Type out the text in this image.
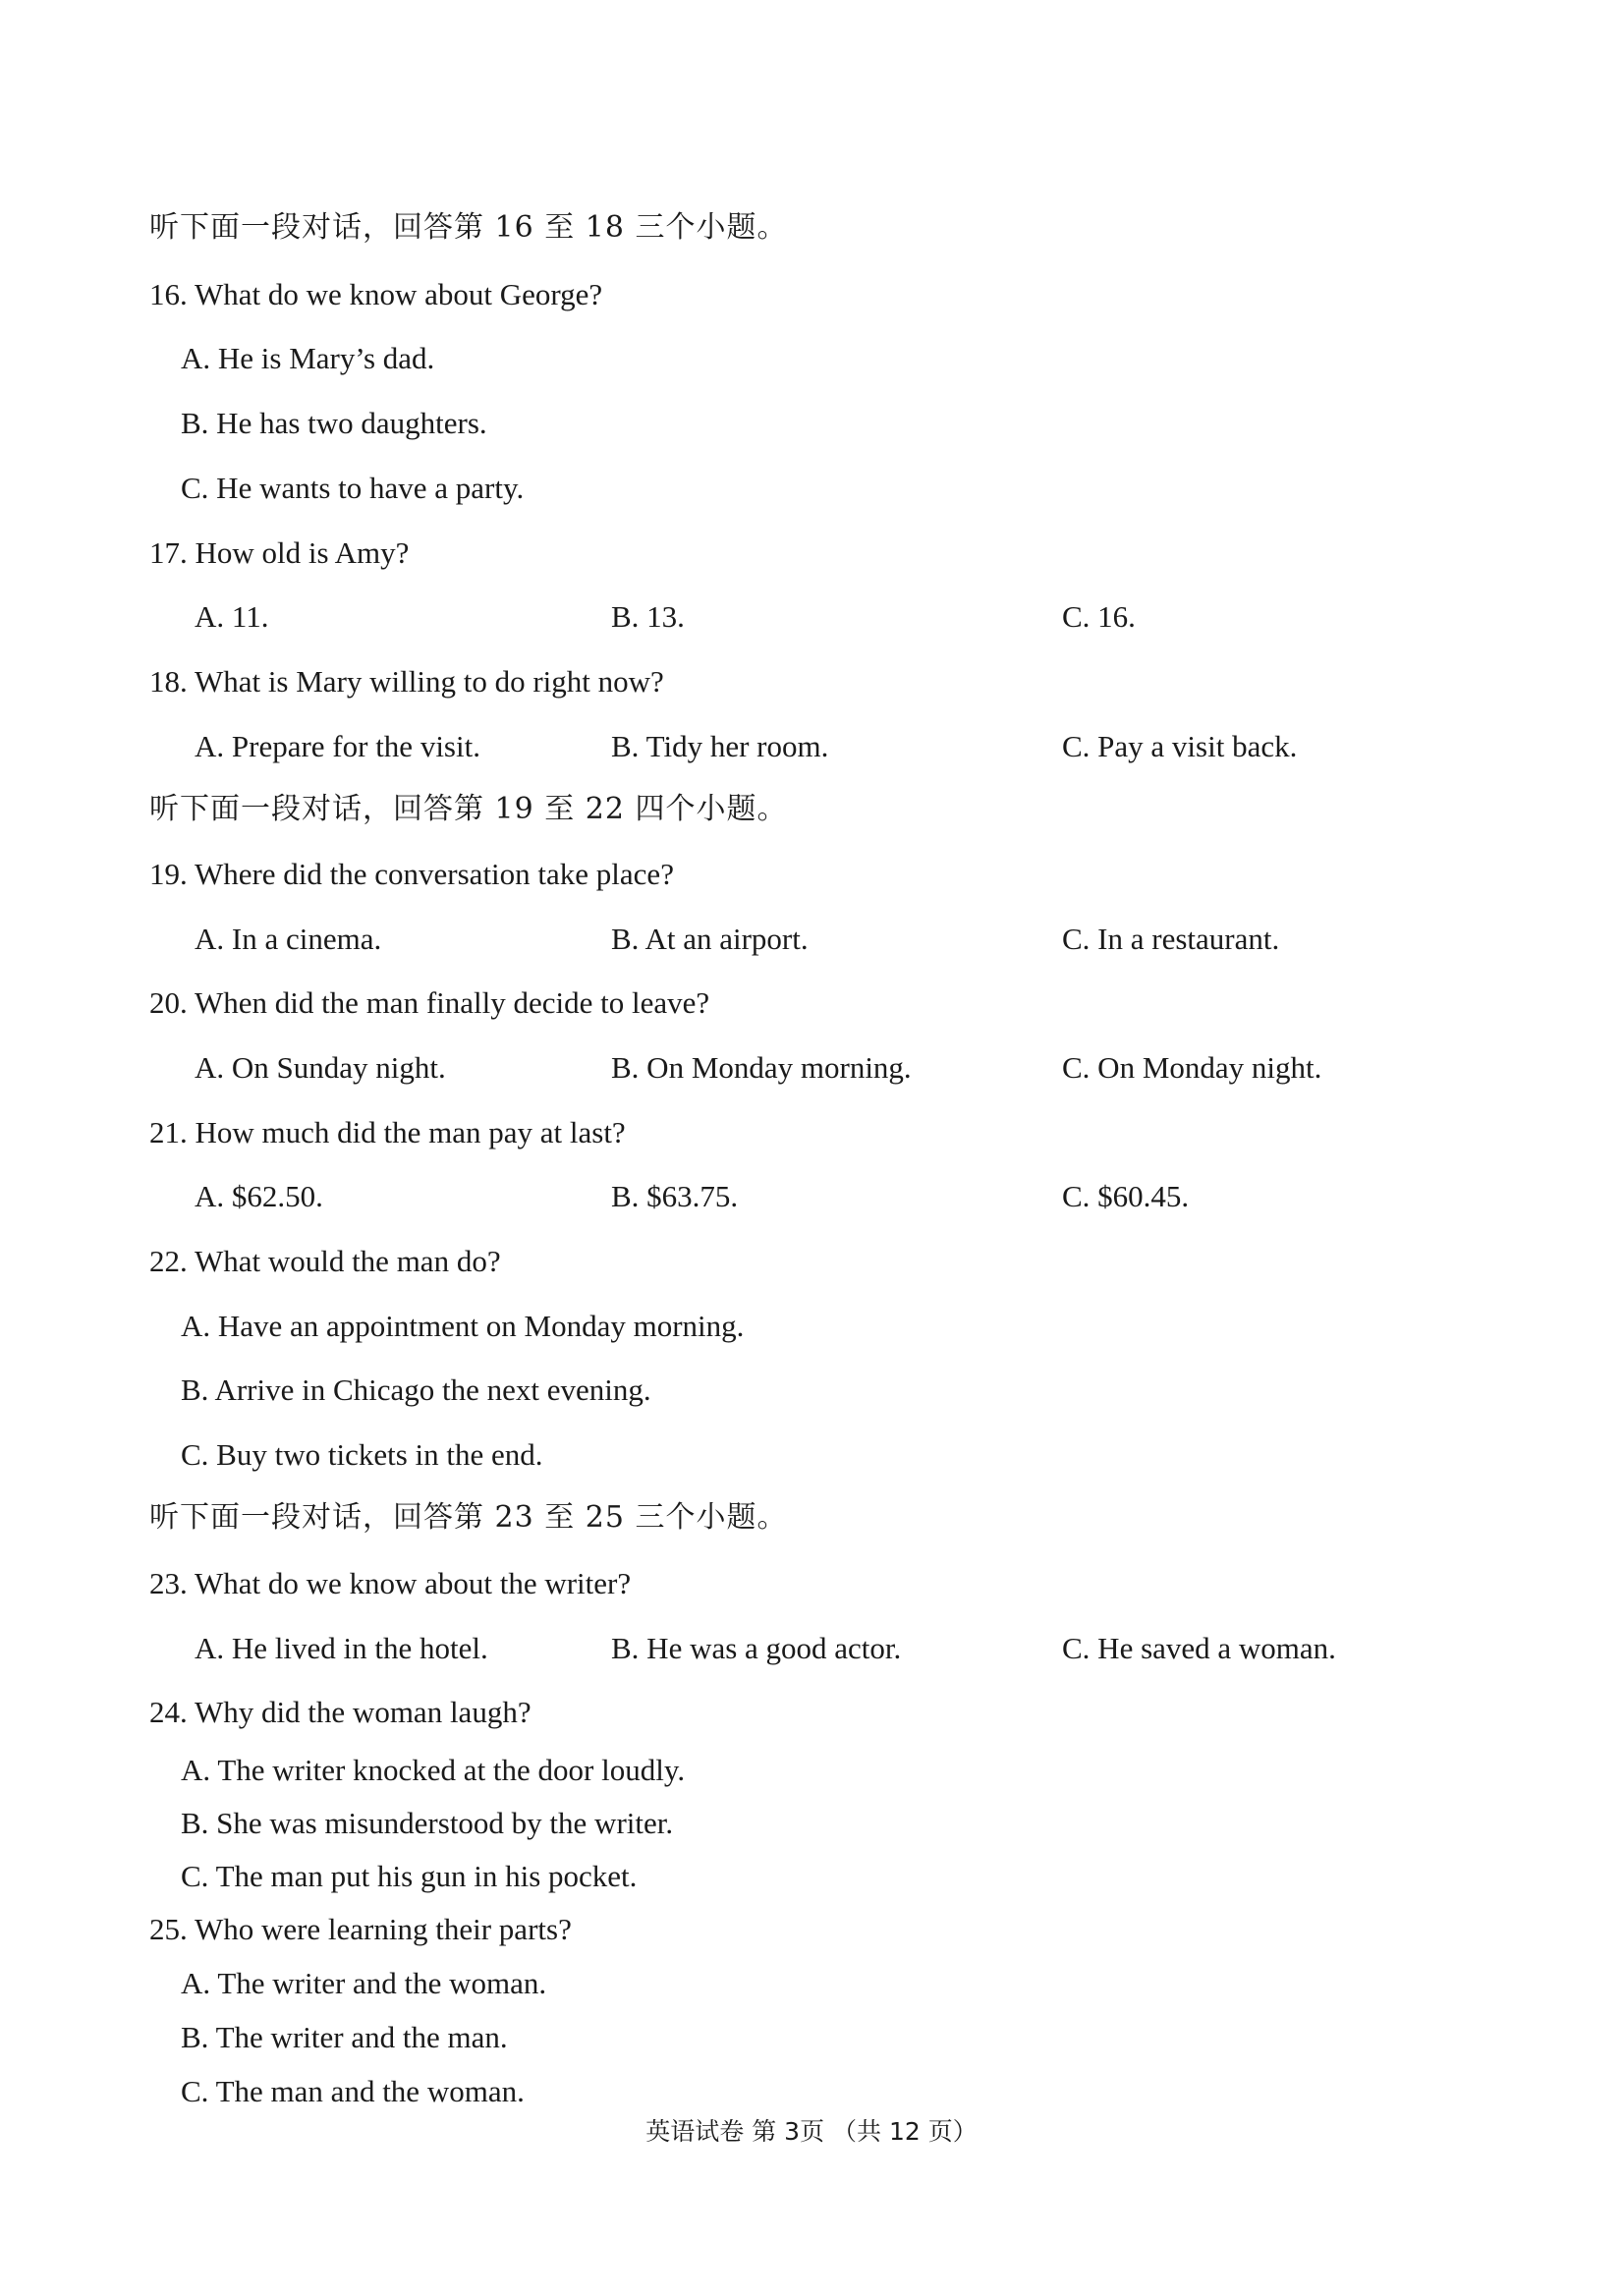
听下面一段对话，回答第 16 至 18 三个小题。
16. What do we know about George?
A. He is Mary’s dad.
B. He has two daughters.
C. He wants to have a party.
17. How old is Amy?
A. 11.	B. 13.	C. 16.
18. What is Mary willing to do right now?
A. Prepare for the visit.	B. Tidy her room.	C. Pay a visit back.
听下面一段对话，回答第 19 至 22 四个小题。
19. Where did the conversation take place?
A. In a cinema.	B. At an airport.	C. In a restaurant.
20. When did the man finally decide to leave?
A. On Sunday night.	B. On Monday morning.	C. On Monday night.
21. How much did the man pay at last?
A. $62.50.	B. $63.75.	C. $60.45.
22. What would the man do?
A. Have an appointment on Monday morning.
B. Arrive in Chicago the next evening.
C. Buy two tickets in the end.
听下面一段对话，回答第 23 至 25 三个小题。
23. What do we know about the writer?
A. He lived in the hotel.	B. He was a good actor.	C. He saved a woman.
24. Why did the woman laugh?
A. The writer knocked at the door loudly.
B. She was misunderstood by the writer.
C. The man put his gun in his pocket.
25. Who were learning their parts?
A. The writer and the woman.
B. The writer and the man.
C. The man and the woman.
英语试卷 第 3页 （共 12 页）
